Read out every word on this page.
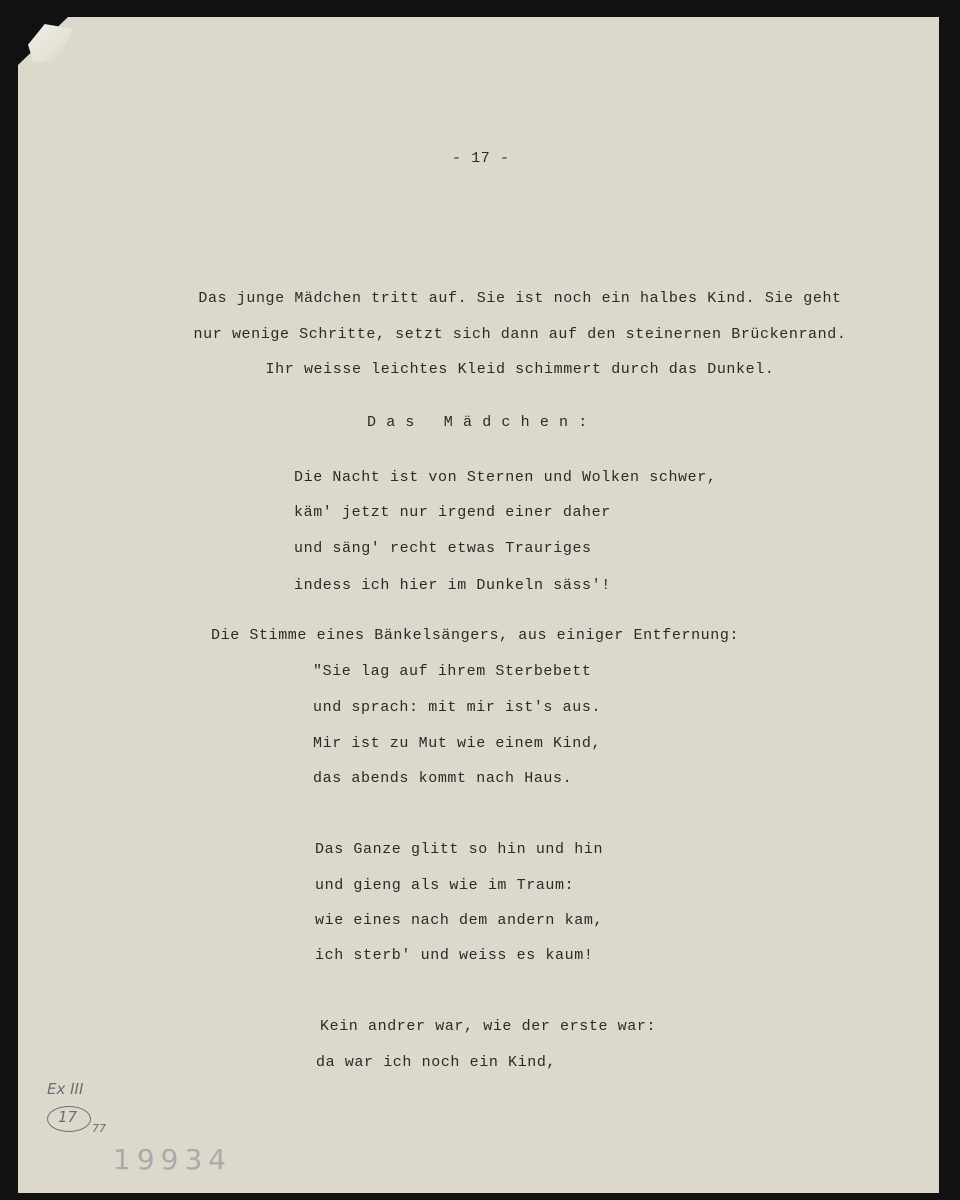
- 17 -

Das junge Mädchen tritt auf. Sie ist noch ein halbes Kind. Sie geht

nur wenige Schritte, setzt sich dann auf den steinernen Brückenrand.

Ihr weisse leichtes Kleid schimmert durch das Dunkel.

D a s   M ä d c h e n :

Die Nacht ist von Sternen und Wolken schwer,

käm' jetzt nur irgend einer daher

und säng' recht etwas Trauriges

indess ich hier im Dunkeln säss'!

Die Stimme eines Bänkelsängers, aus einiger Entfernung:

"Sie lag auf ihrem Sterbebett

und sprach: mit mir ist's aus.

Mir ist zu Mut wie einem Kind,

das abends kommt nach Haus.

Das Ganze glitt so hin und hin

und gieng als wie im Traum:

wie eines nach dem andern kam,

ich sterb' und weiss es kaum!

Kein andrer war, wie der erste war:

da war ich noch ein Kind,

Ex III

17

77

19934
